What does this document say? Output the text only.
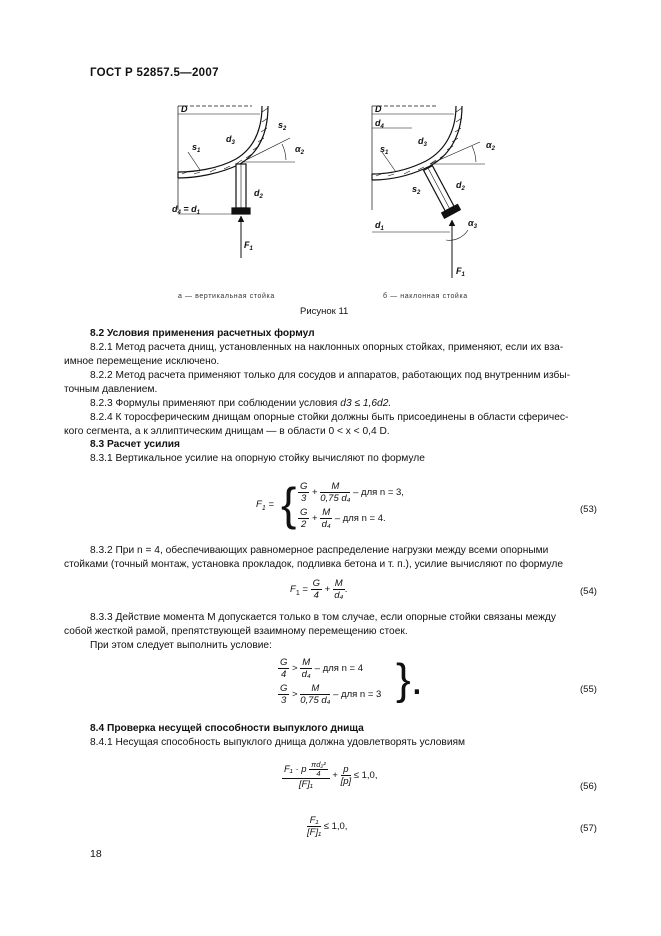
ГОСТ Р 52857.5—2007
D
$s_1$
$d_3$
$s_2$
$\alpha_2$
$d_2$
$d_4 = d_1$
$F_1$
D
$d_4$
$s_1$
$d_3$	$\alpha_2$
$s_2$
$d_2$
$d_1$
$\alpha_3$
$F_1$
а — вертикальная стойка	б — наклонная стойка
Рисунок 11
8.2 Условия применения расчетных формул
8.2.1 Метод расчета днищ, установленных на наклонных опорных стойках, применяют, если их вза-
имное перемещение исключено.
8.2.2 Метод расчета применяют только для сосудов и аппаратов, работающих под внутренним избы-
точным давлением.
8.2.3 Формулы применяют при соблюдении условия d3 ≤ 1,6d2.
8.2.4 К торосферическим днищам опорные стойки должны быть присоединены в области сферичес-
кого сегмента, а к эллиптическим днищам — в области 0 < x < 0,4 D.
8.3 Расчет усилия
8.3.1 Вертикальное усилие на опорную стойку вычисляют по формуле
$F_1$ = { $\frac{G}{3} + \frac{M}{\text{0,75 d₄}}$ – для n = 3,
$\frac{G}{2} + \frac{M}{\text{d₄}}$ – для n = 4.
(53)
8.3.2 При n = 4, обеспечивающих равномерное распределение нагрузки между всеми опорными
стойками (точный монтаж, установка прокладок, подливка бетона и т. п.), усилие вычисляют по формуле
$F_1 = \frac{G}{4} + \frac{M}{\text{d₄}}$ .	(54)
8.3.3 Действие момента M допускается только в том случае, если опорные стойки связаны между
собой жесткой рамой, препятствующей взаимному перемещению стоек.
При этом следует выполнить условие:
$\frac{G}{4} > \frac{M}{\text{d₄}}$ – для n = 4
$\frac{G}{3} > \frac{M}{\text{0,75 d₄}}$ – для n = 3 }.	(55)
8.4 Проверка несущей способности выпуклого днища
8.4.1 Несущая способность выпуклого днища должна удовлетворять условиям
$\frac{F_1 \cdot p \frac{\text{πd₂²}}{4}}{\text{[F]₁}} + \frac{p}{[p]} \le 1,0$,
(56)
$\frac{\text{F₁}}{\text{[F]₁}} \le 1,0$,	(57)
18
